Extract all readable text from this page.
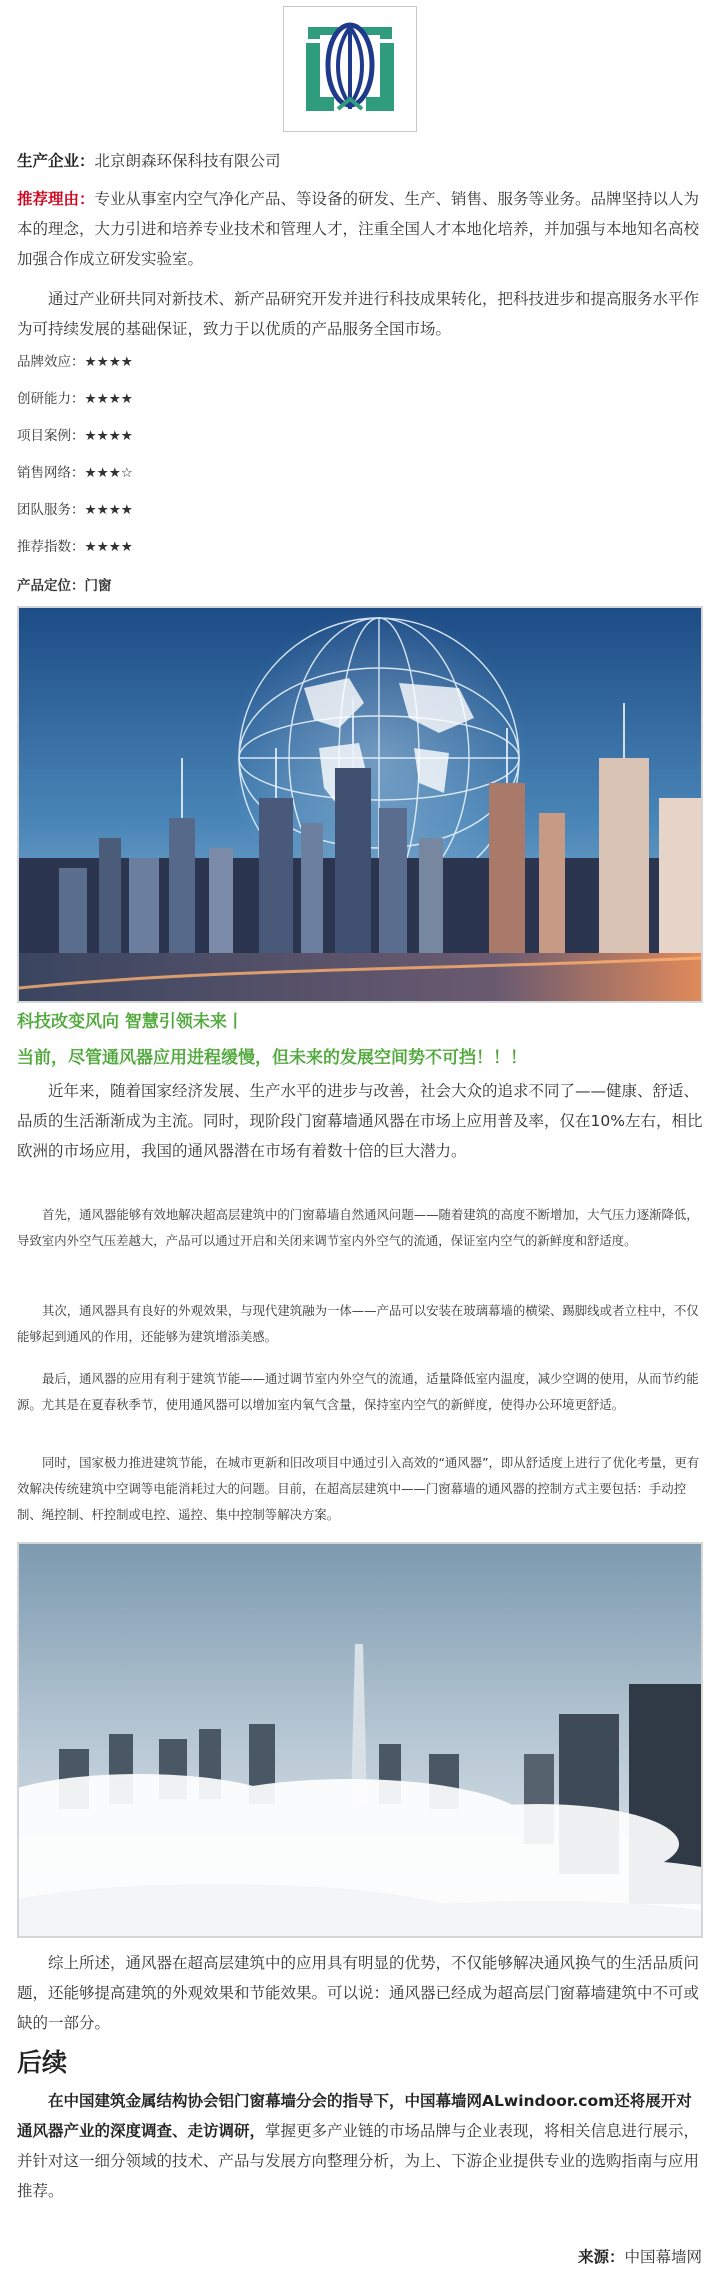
生产企业：北京朗森环保科技有限公司

推荐理由：专业从事室内空气净化产品、等设备的研发、生产、销售、服务等业务。品牌坚持以人为本的理念，大力引进和培养专业技术和管理人才，注重全国人才本地化培养，并加强与本地知名高校加强合作成立研发实验室。

通过产业研共同对新技术、新产品研究开发并进行科技成果转化，把科技进步和提高服务水平作为可持续发展的基础保证，致力于以优质的产品服务全国市场。

品牌效应：★★★★
创研能力：★★★★
项目案例：★★★★
销售网络：★★★☆
团队服务：★★★★
推荐指数：★★★★
产品定位：门窗
科技改变风向 智慧引领未来丨
当前，尽管通风器应用进程缓慢，但未来的发展空间势不可挡！！！

近年来，随着国家经济发展、生产水平的进步与改善，社会大众的追求不同了——健康、舒适、品质的生活渐渐成为主流。同时，现阶段门窗幕墙通风器在市场上应用普及率，仅在10%左右，相比欧洲的市场应用，我国的通风器潜在市场有着数十倍的巨大潜力。

首先，通风器能够有效地解决超高层建筑中的门窗幕墙自然通风问题——随着建筑的高度不断增加，大气压力逐渐降低，导致室内外空气压差越大，产品可以通过开启和关闭来调节室内外空气的流通，保证室内空气的新鲜度和舒适度。

其次，通风器具有良好的外观效果，与现代建筑融为一体——产品可以安装在玻璃幕墙的横梁、踢脚线或者立柱中，不仅能够起到通风的作用，还能够为建筑增添美感。

最后，通风器的应用有利于建筑节能——通过调节室内外空气的流通，适量降低室内温度，减少空调的使用，从而节约能源。尤其是在夏春秋季节，使用通风器可以增加室内氧气含量，保持室内空气的新鲜度，使得办公环境更舒适。

同时，国家极力推进建筑节能，在城市更新和旧改项目中通过引入高效的“通风器”，即从舒适度上进行了优化考量，更有效解决传统建筑中空调等电能消耗过大的问题。目前，在超高层建筑中——门窗幕墙的通风器的控制方式主要包括：手动控制、绳控制、杆控制或电控、遥控、集中控制等解决方案。

综上所述，通风器在超高层建筑中的应用具有明显的优势，不仅能够解决通风换气的生活品质问题，还能够提高建筑的外观效果和节能效果。可以说：通风器已经成为超高层门窗幕墙建筑中不可或缺的一部分。

后续

在中国建筑金属结构协会铝门窗幕墙分会的指导下，中国幕墙网ALwindoor.com还将展开对通风器产业的深度调查、走访调研，掌握更多产业链的市场品牌与企业表现，将相关信息进行展示，并针对这一细分领域的技术、产品与发展方向整理分析，为上、下游企业提供专业的选购指南与应用推荐。

来源：中国幕墙网
